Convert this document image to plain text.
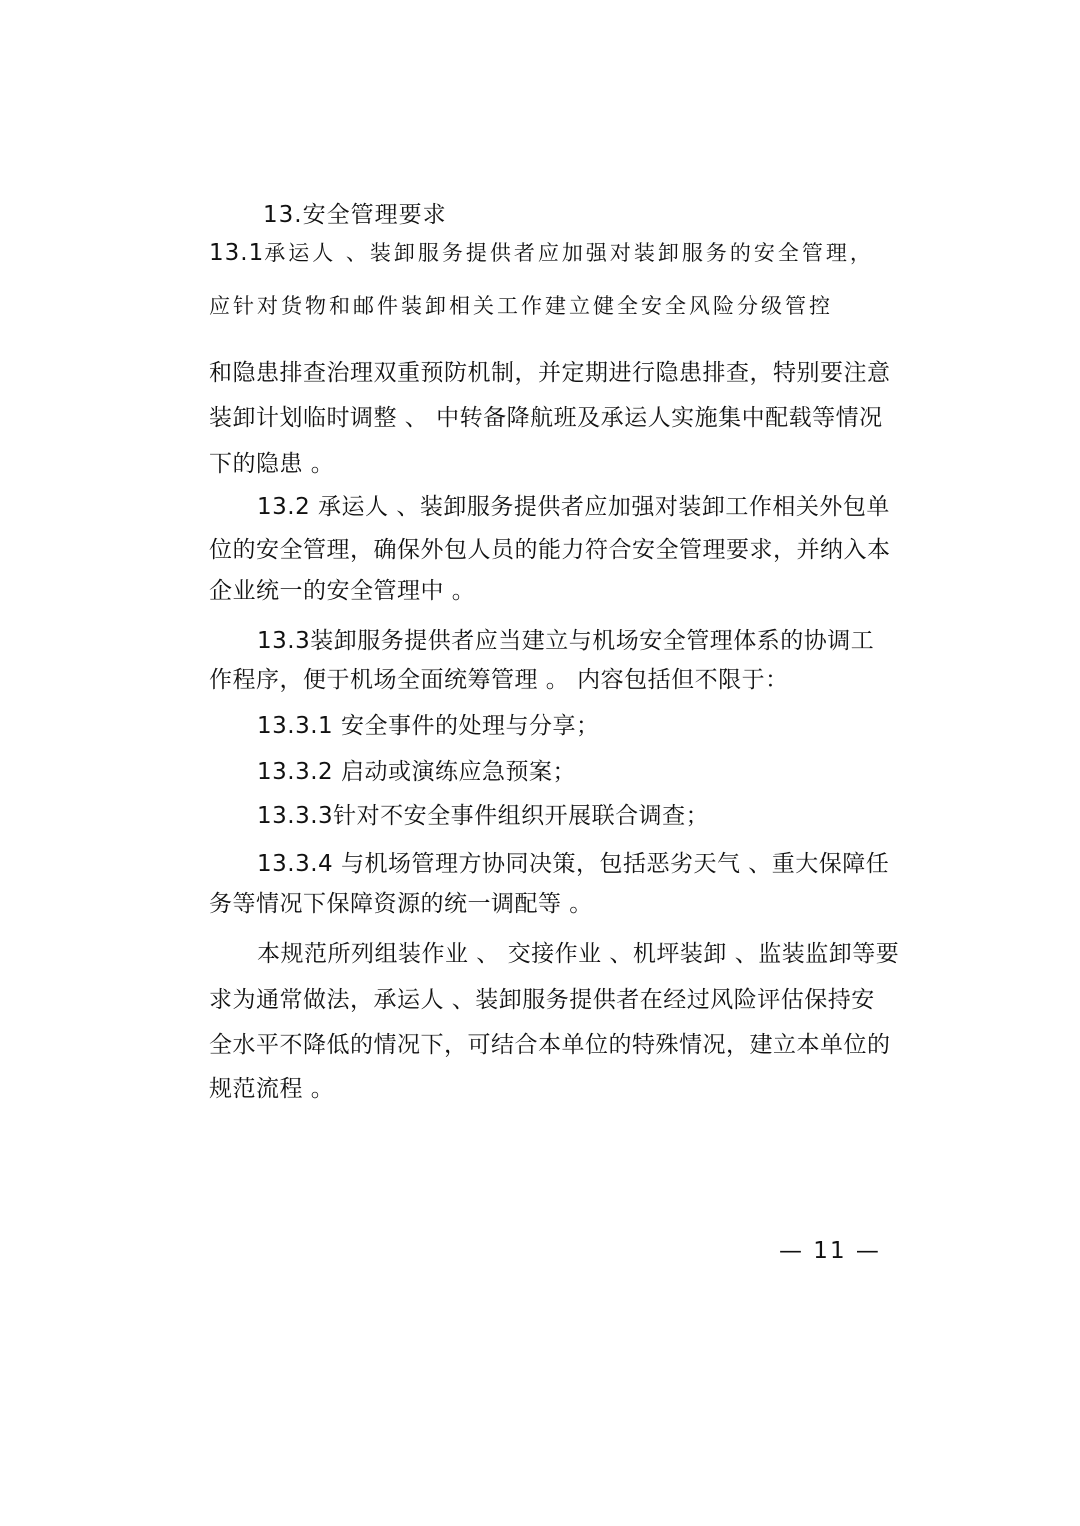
13.安全管理要求
13.1承运人 、装卸服务提供者应加强对装卸服务的安全管理，
应针对货物和邮件装卸相关工作建立健全安全风险分级管控
和隐患排查治理双重预防机制，并定期进行隐患排查，特别要注意
装卸计划临时调整 、 中转备降航班及承运人实施集中配载等情况
下的隐患 。
13.2 承运人 、装卸服务提供者应加强对装卸工作相关外包单
位的安全管理，确保外包人员的能力符合安全管理要求，并纳入本
企业统一的安全管理中 。
13.3装卸服务提供者应当建立与机场安全管理体系的协调工
作程序，便于机场全面统筹管理 。 内容包括但不限于：
13.3.1 安全事件的处理与分享；
13.3.2 启动或演练应急预案；
13.3.3针对不安全事件组织开展联合调查；
13.3.4 与机场管理方协同决策，包括恶劣天气 、重大保障任
务等情况下保障资源的统一调配等 。
本规范所列组装作业 、 交接作业 、机坪装卸 、监装监卸等要
求为通常做法，承运人 、装卸服务提供者在经过风险评估保持安
全水平不降低的情况下，可结合本单位的特殊情况，建立本单位的
规范流程 。
— 11 —
